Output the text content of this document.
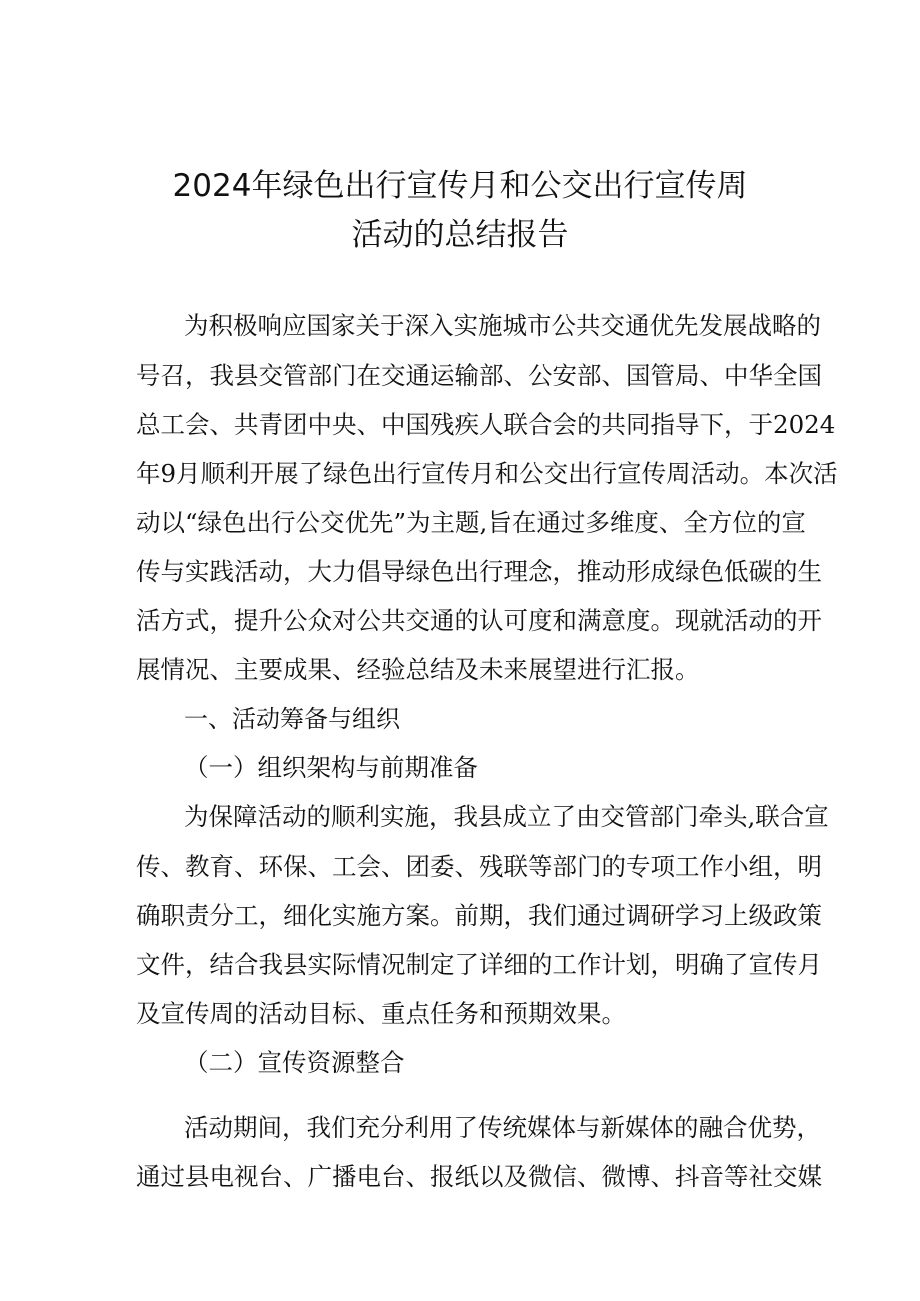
2024年绿色出行宣传月和公交出行宣传周
活动的总结报告
为积极响应国家关于深入实施城市公共交通优先发展战略的
号召，我县交管部门在交通运输部、公安部、国管局、中华全国
总工会、共青团中央、中国残疾人联合会的共同指导下，于2024
年9月顺利开展了绿色出行宣传月和公交出行宣传周活动。本次活
动以“绿色出行公交优先”为主题,旨在通过多维度、全方位的宣
传与实践活动，大力倡导绿色出行理念，推动形成绿色低碳的生
活方式，提升公众对公共交通的认可度和满意度。现就活动的开
展情况、主要成果、经验总结及未来展望进行汇报。
一、活动筹备与组织
（一）组织架构与前期准备
为保障活动的顺利实施，我县成立了由交管部门牵头,联合宣
传、教育、环保、工会、团委、残联等部门的专项工作小组，明
确职责分工，细化实施方案。前期，我们通过调研学习上级政策
文件，结合我县实际情况制定了详细的工作计划，明确了宣传月
及宣传周的活动目标、重点任务和预期效果。
（二）宣传资源整合
活动期间，我们充分利用了传统媒体与新媒体的融合优势，
通过县电视台、广播电台、报纸以及微信、微博、抖音等社交媒
